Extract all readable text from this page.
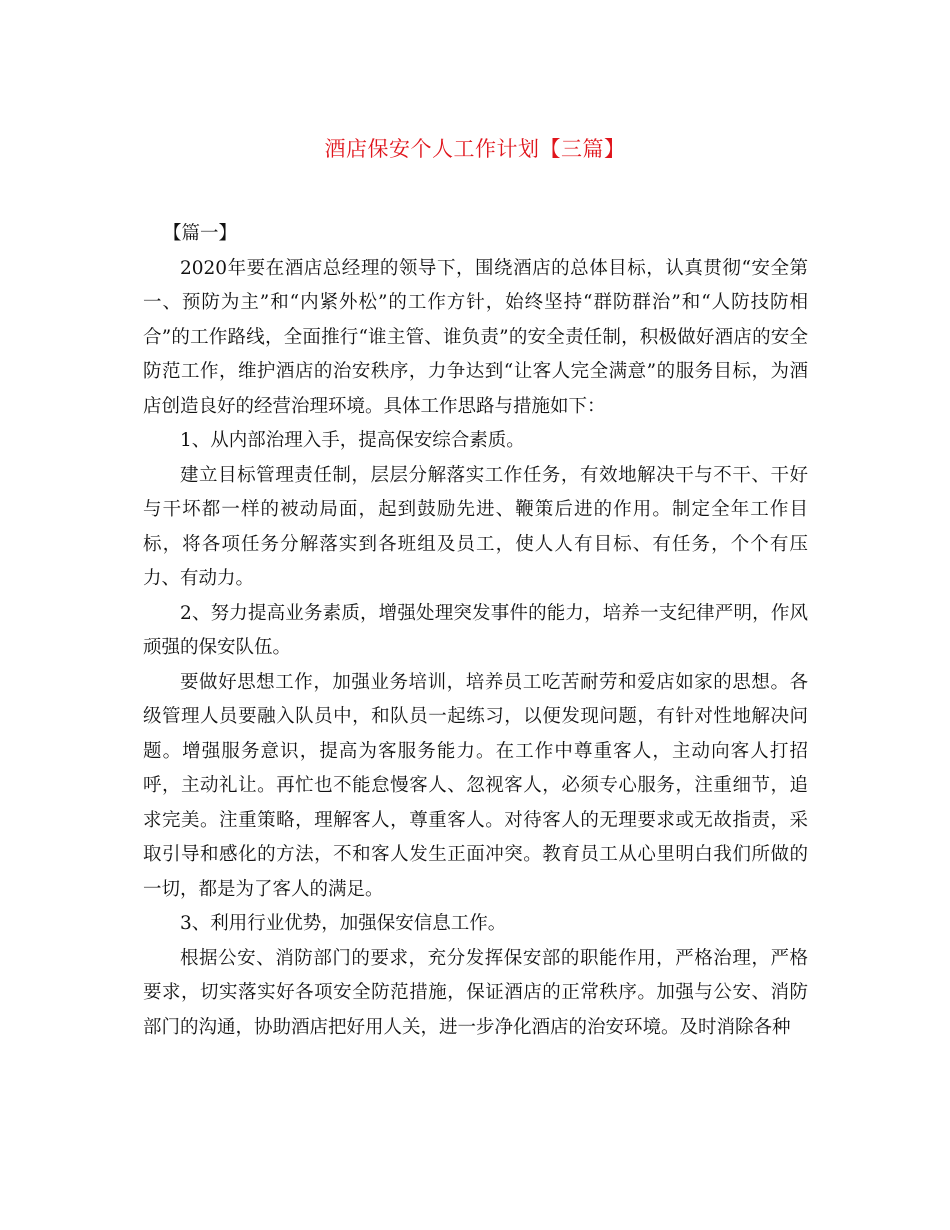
酒店保安个人工作计划【三篇】

【篇一】

2020年要在酒店总经理的领导下，围绕酒店的总体目标，认真贯彻“安全第一、预防为主”和“内紧外松”的工作方针，始终坚持“群防群治”和“人防技防相合”的工作路线，全面推行“谁主管、谁负责”的安全责任制，积极做好酒店的安全防范工作，维护酒店的治安秩序，力争达到“让客人完全满意”的服务目标，为酒店创造良好的经营治理环境。具体工作思路与措施如下：

1、从内部治理入手，提高保安综合素质。

建立目标管理责任制，层层分解落实工作任务，有效地解决干与不干、干好与干坏都一样的被动局面，起到鼓励先进、鞭策后进的作用。制定全年工作目标，将各项任务分解落实到各班组及员工，使人人有目标、有任务，个个有压力、有动力。

2、努力提高业务素质，增强处理突发事件的能力，培养一支纪律严明，作风顽强的保安队伍。

要做好思想工作，加强业务培训，培养员工吃苦耐劳和爱店如家的思想。各级管理人员要融入队员中，和队员一起练习，以便发现问题，有针对性地解决问题。增强服务意识，提高为客服务能力。在工作中尊重客人，主动向客人打招呼，主动礼让。再忙也不能怠慢客人、忽视客人，必须专心服务，注重细节，追求完美。注重策略，理解客人，尊重客人。对待客人的无理要求或无故指责，采取引导和感化的方法，不和客人发生正面冲突。教育员工从心里明白我们所做的一切，都是为了客人的满足。

3、利用行业优势，加强保安信息工作。

根据公安、消防部门的要求，充分发挥保安部的职能作用，严格治理，严格要求，切实落实好各项安全防范措施，保证酒店的正常秩序。加强与公安、消防部门的沟通，协助酒店把好用人关，进一步净化酒店的治安环境。及时消除各种
